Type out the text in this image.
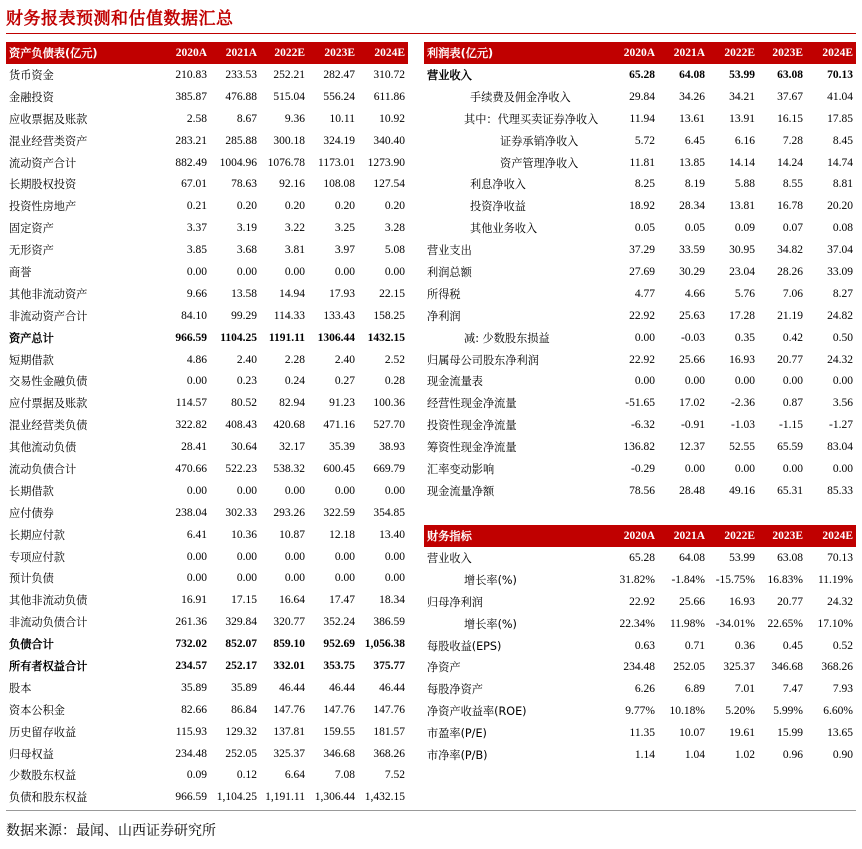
财务报表预测和估值数据汇总
资产负债表(亿元)	2020A	2021A	2022E	2023E	2024E
货币资金	210.83	233.53	252.21	282.47	310.72
金融投资	385.87	476.88	515.04	556.24	611.86
应收票据及账款	2.58	8.67	9.36	10.11	10.92
混业经营类资产	283.21	285.88	300.18	324.19	340.40
流动资产合计	882.49	1004.96	1076.78	1173.01	1273.90
长期股权投资	67.01	78.63	92.16	108.08	127.54
投资性房地产	0.21	0.20	0.20	0.20	0.20
固定资产	3.37	3.19	3.22	3.25	3.28
无形资产	3.85	3.68	3.81	3.97	5.08
商誉	0.00	0.00	0.00	0.00	0.00
其他非流动资产	9.66	13.58	14.94	17.93	22.15
非流动资产合计	84.10	99.29	114.33	133.43	158.25
资产总计	966.59	1104.25	1191.11	1306.44	1432.15
短期借款	4.86	2.40	2.28	2.40	2.52
交易性金融负债	0.00	0.23	0.24	0.27	0.28
应付票据及账款	114.57	80.52	82.94	91.23	100.36
混业经营类负债	322.82	408.43	420.68	471.16	527.70
其他流动负债	28.41	30.64	32.17	35.39	38.93
流动负债合计	470.66	522.23	538.32	600.45	669.79
长期借款	0.00	0.00	0.00	0.00	0.00
应付债券	238.04	302.33	293.26	322.59	354.85
长期应付款	6.41	10.36	10.87	12.18	13.40
专项应付款	0.00	0.00	0.00	0.00	0.00
预计负债	0.00	0.00	0.00	0.00	0.00
其他非流动负债	16.91	17.15	16.64	17.47	18.34
非流动负债合计	261.36	329.84	320.77	352.24	386.59
负债合计	732.02	852.07	859.10	952.69	1,056.38
所有者权益合计	234.57	252.17	332.01	353.75	375.77
股本	35.89	35.89	46.44	46.44	46.44
资本公积金	82.66	86.84	147.76	147.76	147.76
历史留存收益	115.93	129.32	137.81	159.55	181.57
归母权益	234.48	252.05	325.37	346.68	368.26
少数股东权益	0.09	0.12	6.64	7.08	7.52
负债和股东权益	966.59	1,104.25	1,191.11	1,306.44	1,432.15
利润表(亿元)	2020A	2021A	2022E	2023E	2024E
营业收入	65.28	64.08	53.99	63.08	70.13
手续费及佣金净收入	29.84	34.26	34.21	37.67	41.04
其中：代理买卖证券净收入	11.94	13.61	13.91	16.15	17.85
证券承销净收入	5.72	6.45	6.16	7.28	8.45
资产管理净收入	11.81	13.85	14.14	14.24	14.74
利息净收入	8.25	8.19	5.88	8.55	8.81
投资净收益	18.92	28.34	13.81	16.78	20.20
其他业务收入	0.05	0.05	0.09	0.07	0.08
营业支出	37.29	33.59	30.95	34.82	37.04
利润总额	27.69	30.29	23.04	28.26	33.09
所得税	4.77	4.66	5.76	7.06	8.27
净利润	22.92	25.63	17.28	21.19	24.82
减: 少数股东损益	0.00	-0.03	0.35	0.42	0.50
归属母公司股东净利润	22.92	25.66	16.93	20.77	24.32
现金流量表	0.00	0.00	0.00	0.00	0.00
经营性现金净流量	-51.65	17.02	-2.36	0.87	3.56
投资性现金净流量	-6.32	-0.91	-1.03	-1.15	-1.27
筹资性现金净流量	136.82	12.37	52.55	65.59	83.04
汇率变动影响	-0.29	0.00	0.00	0.00	0.00
现金流量净额	78.56	28.48	49.16	65.31	85.33
财务指标	2020A	2021A	2022E	2023E	2024E
营业收入	65.28	64.08	53.99	63.08	70.13
增长率(%)	31.82%	-1.84%	-15.75%	16.83%	11.19%
归母净利润	22.92	25.66	16.93	20.77	24.32
增长率(%)	22.34%	11.98%	-34.01%	22.65%	17.10%
每股收益(EPS)	0.63	0.71	0.36	0.45	0.52
净资产	234.48	252.05	325.37	346.68	368.26
每股净资产	6.26	6.89	7.01	7.47	7.93
净资产收益率(ROE)	9.77%	10.18%	5.20%	5.99%	6.60%
市盈率(P/E)	11.35	10.07	19.61	15.99	13.65
市净率(P/B)	1.14	1.04	1.02	0.96	0.90
数据来源：最闻、山西证券研究所
